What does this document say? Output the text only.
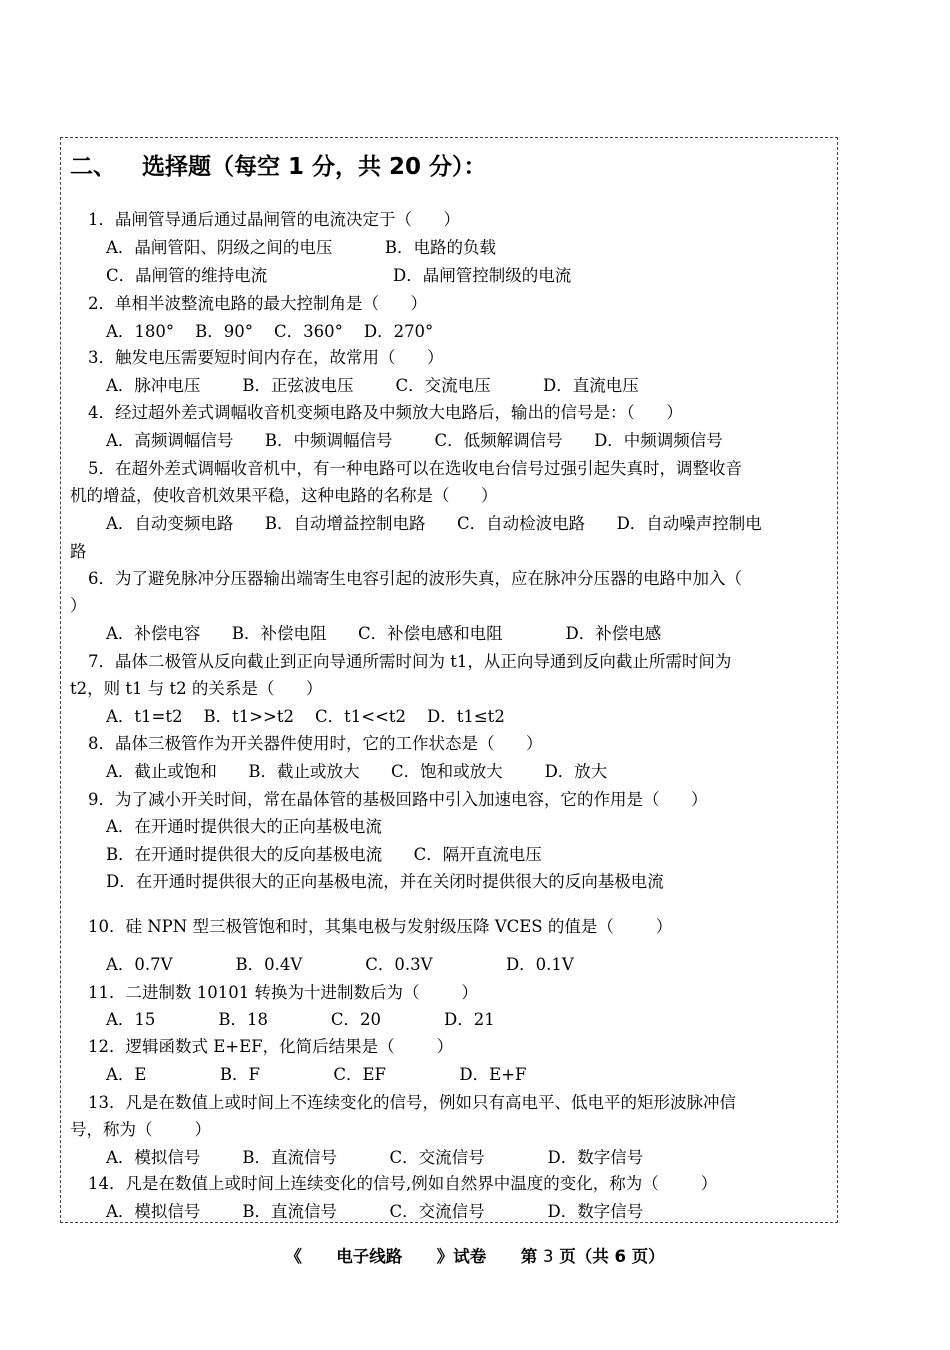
二、 选择题（每空 1 分，共 20 分）：
1．晶闸管导通后通过晶闸管的电流决定于（      ）
A．晶闸管阳、阴级之间的电压          B．电路的负载
C．晶闸管的维持电流                        D．晶闸管控制级的电流
2．单相半波整流电路的最大控制角是（      ）
A．180°    B．90°    C．360°    D．270°
3．触发电压需要短时间内存在，故常用（      ）
A．脉冲电压        B．正弦波电压        C．交流电压          D．直流电压
4．经过超外差式调幅收音机变频电路及中频放大电路后，输出的信号是：（      ）
A．高频调幅信号      B．中频调幅信号        C．低频解调信号      D．中频调频信号
5．在超外差式调幅收音机中，有一种电路可以在选收电台信号过强引起失真时，调整收音
机的增益，使收音机效果平稳，这种电路的名称是（      ）
A．自动变频电路      B．自动增益控制电路      C．自动检波电路      D．自动噪声控制电
路
6．为了避免脉冲分压器输出端寄生电容引起的波形失真，应在脉冲分压器的电路中加入（
）
A．补偿电容      B．补偿电阻      C．补偿电感和电阻            D．补偿电感
7．晶体二极管从反向截止到正向导通所需时间为 t1，从正向导通到反向截止所需时间为
t2，则 t1 与 t2 的关系是（      ）
A．t1=t2    B．t1>>t2    C．t1<<t2    D．t1≤t2
8．晶体三极管作为开关器件使用时，它的工作状态是（      ）
A．截止或饱和      B．截止或放大      C．饱和或放大        D．放大
9．为了减小开关时间，常在晶体管的基极回路中引入加速电容，它的作用是（      ）
A．在开通时提供很大的正向基极电流
B．在开通时提供很大的反向基极电流      C．隔开直流电压
D．在开通时提供很大的正向基极电流，并在关闭时提供很大的反向基极电流
10．硅 NPN 型三极管饱和时，其集电极与发射级压降 VCES 的值是（        ）
A．0.7V            B．0.4V            C．0.3V              D．0.1V
11．二进制数 10101 转换为十进制数后为（        ）
A．15            B．18            C．20            D．21
12．逻辑函数式 E+EF，化简后结果是（        ）
A．E              B．F              C．EF              D．E+F
13．凡是在数值上或时间上不连续变化的信号，例如只有高电平、低电平的矩形波脉冲信
号，称为（        ）
A．模拟信号        B．直流信号          C．交流信号            D．数字信号
14．凡是在数值上或时间上连续变化的信号,例如自然界中温度的变化，称为（        ）
A．模拟信号        B．直流信号          C．交流信号            D．数字信号
《      电子线路      》试卷      第 3 页（共 6 页）
